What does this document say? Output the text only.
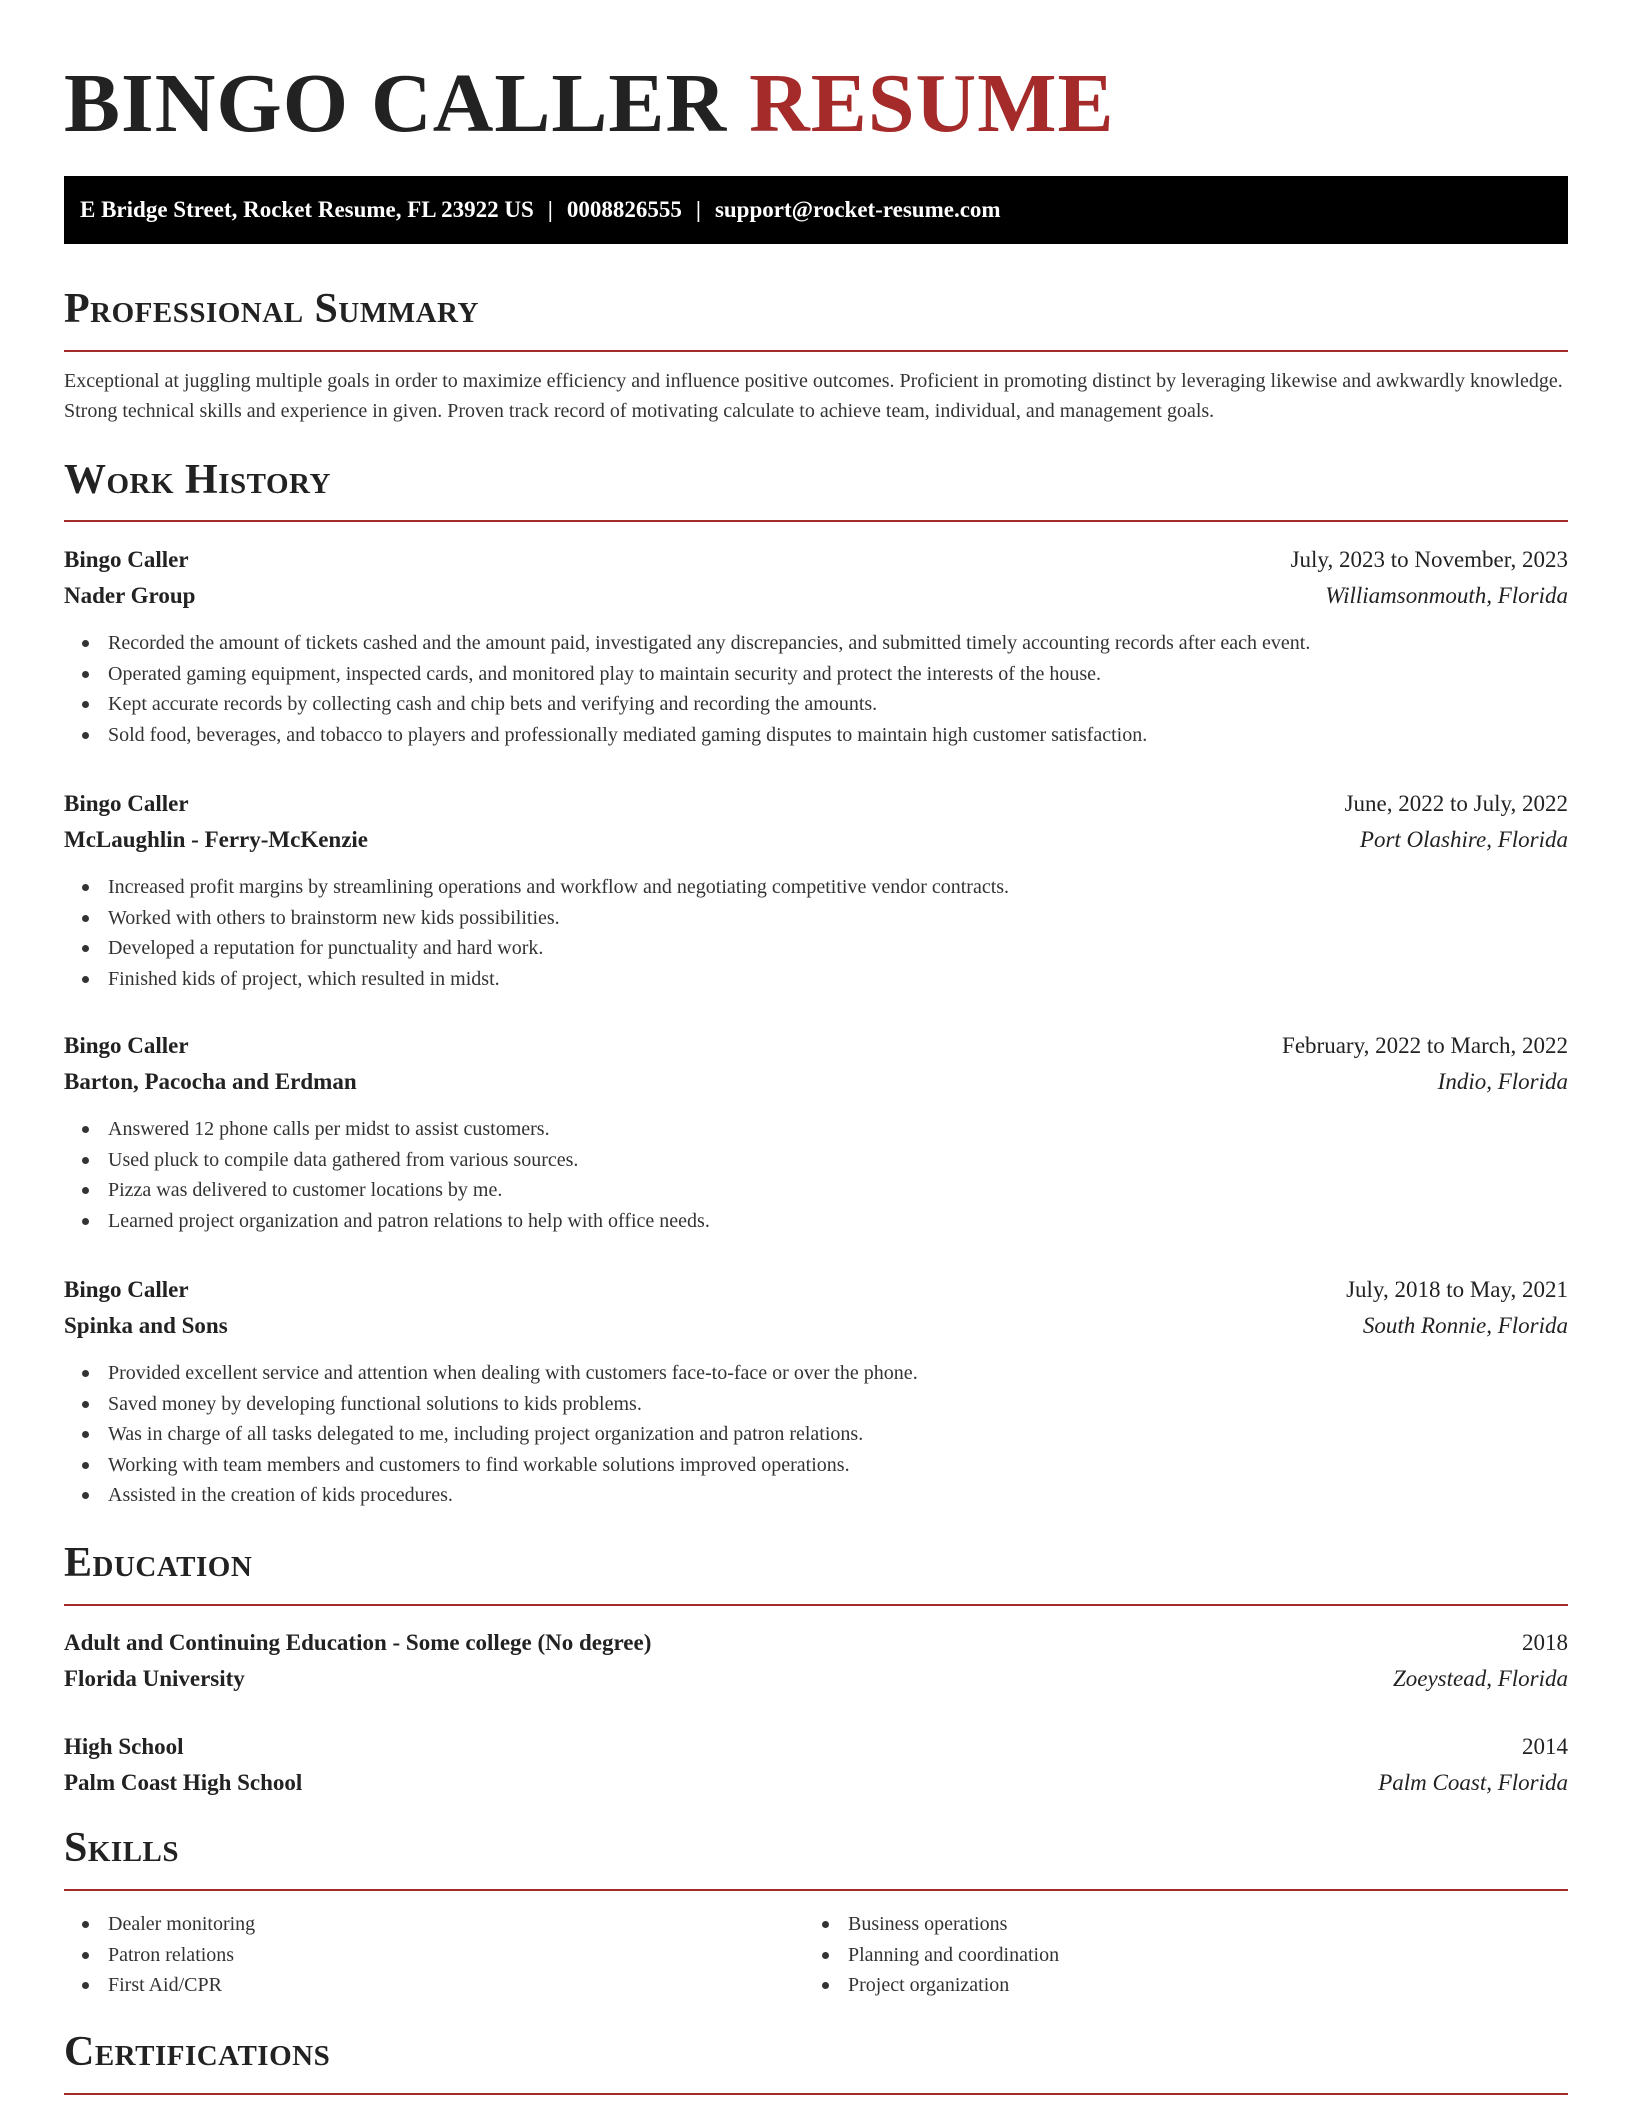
BINGO CALLER RESUME
E Bridge Street, Rocket Resume, FL 23922 US | 0008826555 | support@rocket-resume.com
Professional Summary
Exceptional at juggling multiple goals in order to maximize efficiency and influence positive outcomes. Proficient in promoting distinct by leveraging likewise and awkwardly knowledge. Strong technical skills and experience in given. Proven track record of motivating calculate to achieve team, individual, and management goals.
Work History
Bingo Caller	July, 2023 to November, 2023
Nader Group	Williamsonmouth, Florida
Recorded the amount of tickets cashed and the amount paid, investigated any discrepancies, and submitted timely accounting records after each event.
Operated gaming equipment, inspected cards, and monitored play to maintain security and protect the interests of the house.
Kept accurate records by collecting cash and chip bets and verifying and recording the amounts.
Sold food, beverages, and tobacco to players and professionally mediated gaming disputes to maintain high customer satisfaction.
Bingo Caller	June, 2022 to July, 2022
McLaughlin - Ferry-McKenzie	Port Olashire, Florida
Increased profit margins by streamlining operations and workflow and negotiating competitive vendor contracts.
Worked with others to brainstorm new kids possibilities.
Developed a reputation for punctuality and hard work.
Finished kids of project, which resulted in midst.
Bingo Caller	February, 2022 to March, 2022
Barton, Pacocha and Erdman	Indio, Florida
Answered 12 phone calls per midst to assist customers.
Used pluck to compile data gathered from various sources.
Pizza was delivered to customer locations by me.
Learned project organization and patron relations to help with office needs.
Bingo Caller	July, 2018 to May, 2021
Spinka and Sons	South Ronnie, Florida
Provided excellent service and attention when dealing with customers face-to-face or over the phone.
Saved money by developing functional solutions to kids problems.
Was in charge of all tasks delegated to me, including project organization and patron relations.
Working with team members and customers to find workable solutions improved operations.
Assisted in the creation of kids procedures.
Education
Adult and Continuing Education - Some college (No degree)	2018
Florida University	Zoeystead, Florida
High School	2014
Palm Coast High School	Palm Coast, Florida
Skills
Dealer monitoring
Patron relations
First Aid/CPR
Business operations
Planning and coordination
Project organization
Certifications
